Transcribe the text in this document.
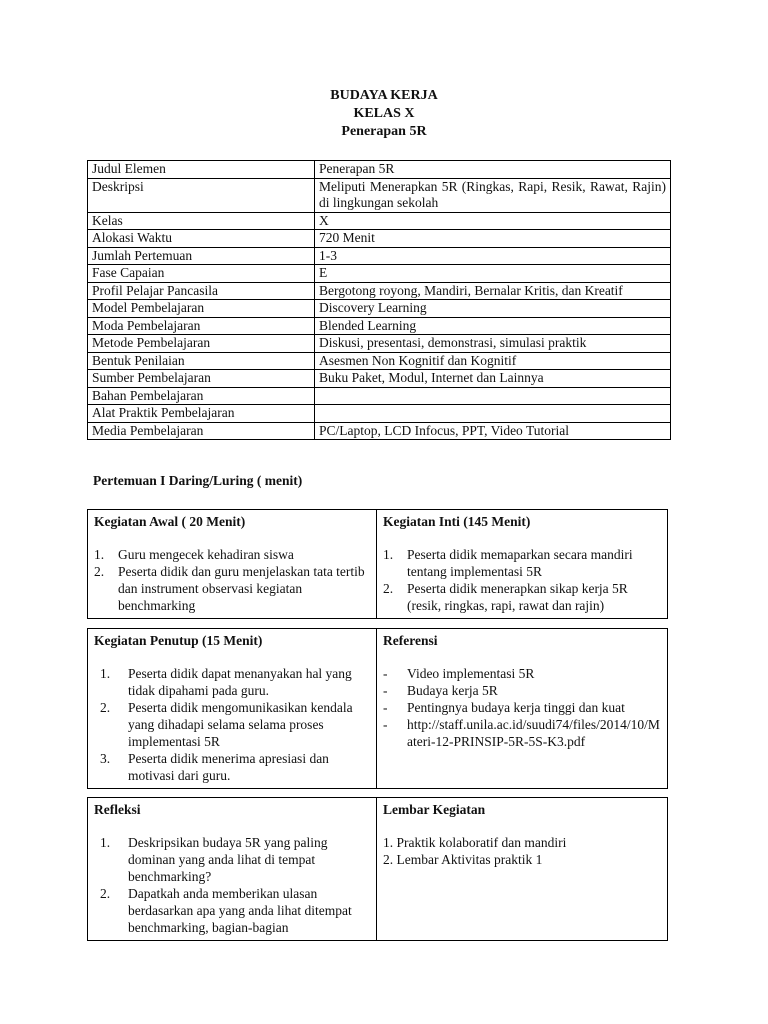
BUDAYA KERJA
KELAS X
Penerapan 5R
Judul Elemen	Penerapan 5R
Deskripsi	Meliputi Menerapkan 5R (Ringkas, Rapi, Resik, Rawat, Rajin) di lingkungan sekolah
Kelas	X
Alokasi Waktu	720 Menit
Jumlah Pertemuan	1-3
Fase Capaian	E
Profil Pelajar Pancasila	Bergotong royong, Mandiri, Bernalar Kritis, dan Kreatif
Model Pembelajaran	Discovery Learning
Moda Pembelajaran	Blended Learning
Metode Pembelajaran	Diskusi, presentasi, demonstrasi, simulasi praktik
Bentuk Penilaian	Asesmen Non Kognitif dan Kognitif
Sumber Pembelajaran	Buku Paket, Modul, Internet dan Lainnya
Bahan Pembelajaran	
Alat Praktik Pembelajaran	
Media Pembelajaran	PC/Laptop, LCD Infocus, PPT, Video Tutorial
Pertemuan I Daring/Luring ( menit)
Kegiatan Awal ( 20 Menit)
1. Guru mengecek kehadiran siswa
2. Peserta didik dan guru menjelaskan tata tertib dan instrument observasi kegiatan benchmarking

Kegiatan Inti (145 Menit)
1. Peserta didik memaparkan secara mandiri tentang implementasi 5R
2. Peserta didik menerapkan sikap kerja 5R (resik, ringkas, rapi, rawat dan rajin)
Kegiatan Penutup (15 Menit)
1. Peserta didik dapat menanyakan hal yang tidak dipahami pada guru.
2. Peserta didik mengomunikasikan kendala yang dihadapi selama selama proses implementasi 5R
3. Peserta didik menerima apresiasi dan motivasi dari guru.

Referensi
- Video implementasi 5R
- Budaya kerja 5R
- Pentingnya budaya kerja tinggi dan kuat
- http://staff.unila.ac.id/suudi74/files/2014/10/Materi-12-PRINSIP-5R-5S-K3.pdf
Refleksi
1. Deskripsikan budaya 5R yang paling dominan yang anda lihat di tempat benchmarking?
2. Dapatkah anda memberikan ulasan berdasarkan apa yang anda lihat ditempat benchmarking, bagian-bagian

Lembar Kegiatan
1. Praktik kolaboratif dan mandiri
2. Lembar Aktivitas praktik 1
